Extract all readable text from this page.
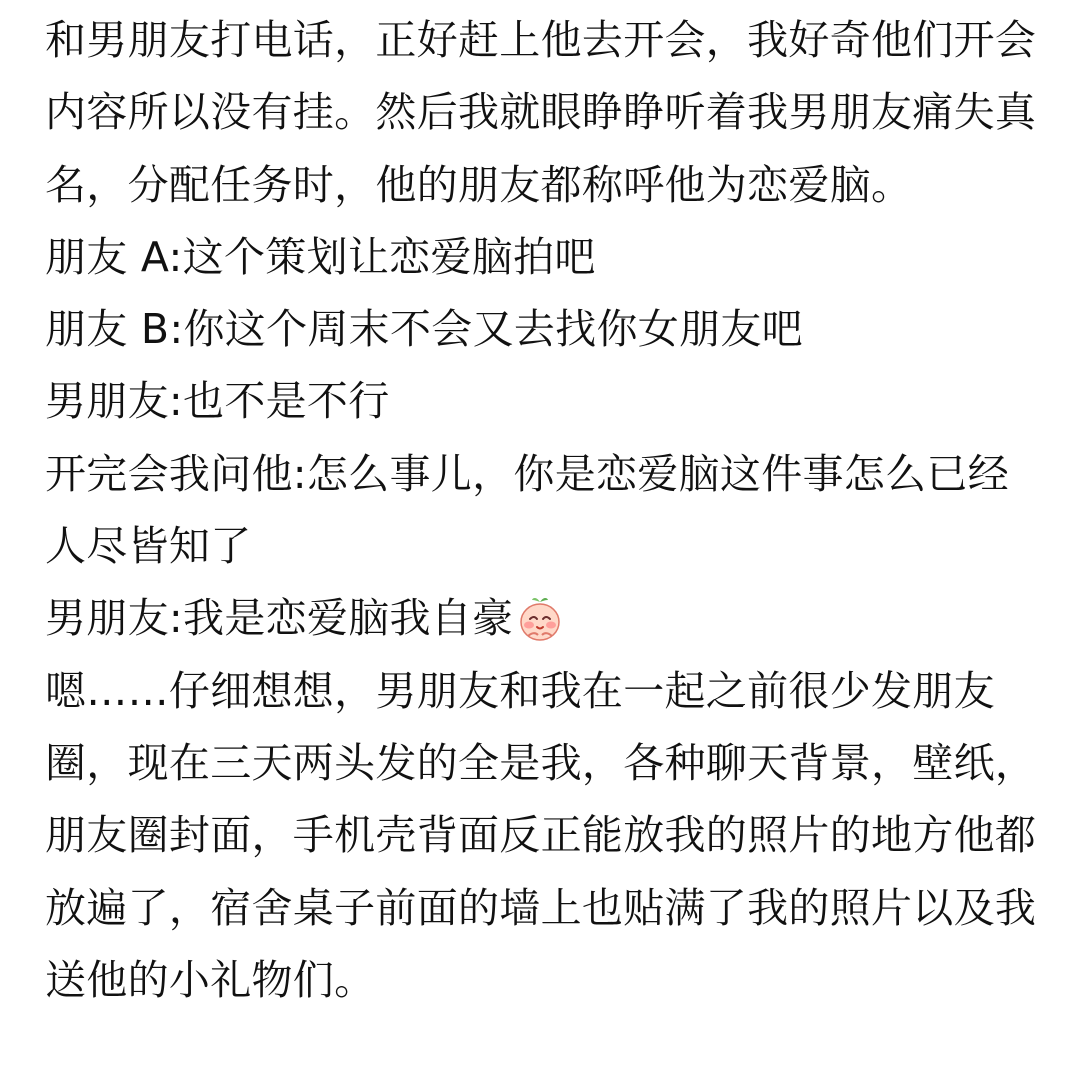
和男朋友打电话，正好赶上他去开会，我好奇他们开会内容所以没有挂。然后我就眼睁睁听着我男朋友痛失真名，分配任务时，他的朋友都称呼他为恋爱脑。

朋友 A:这个策划让恋爱脑拍吧

朋友 B:你这个周末不会又去找你女朋友吧

男朋友:也不是不行

开完会我问他:怎么事儿，你是恋爱脑这件事怎么已经人尽皆知了

男朋友:我是恋爱脑我自豪

嗯……仔细想想，男朋友和我在一起之前很少发朋友圈，现在三天两头发的全是我，各种聊天背景，壁纸，朋友圈封面，手机壳背面反正能放我的照片的地方他都放遍了，宿舍桌子前面的墙上也贴满了我的照片以及我送他的小礼物们。
